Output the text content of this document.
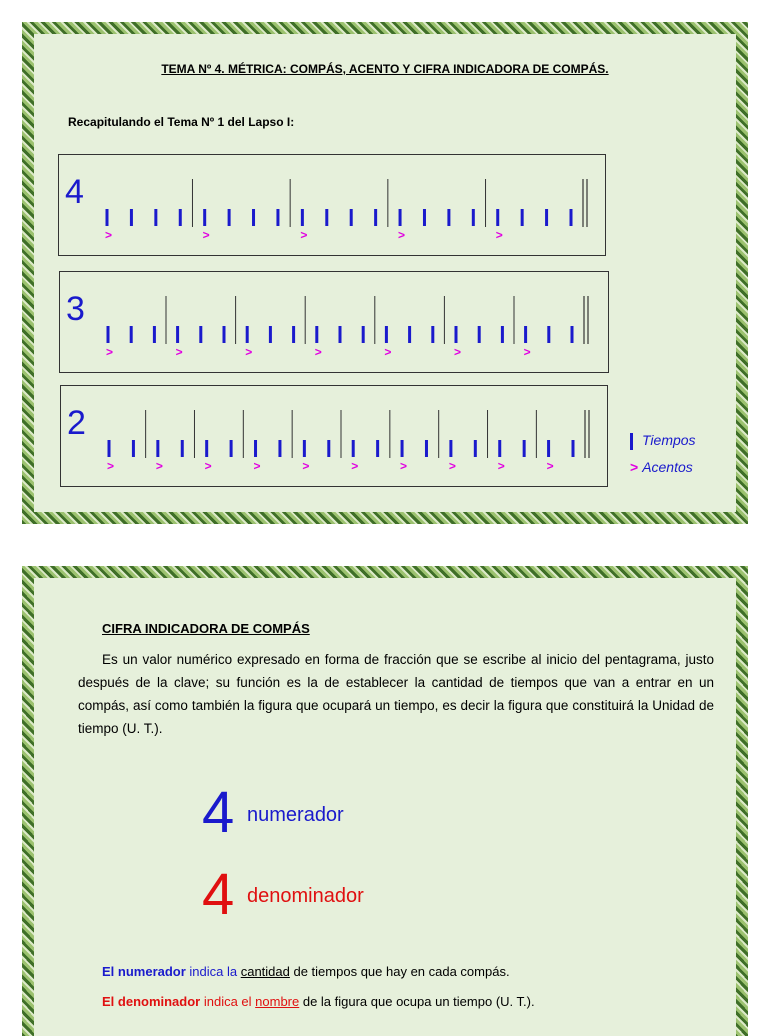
TEMA Nº 4. MÉTRICA: COMPÁS, ACENTO Y CIFRA INDICADORA DE COMPÁS.
Recapitulando el Tema Nº 1 del Lapso I:
4
>	>	>	>	>
3
>	>	>	>	>	>	>
2
>	>	>	>	>	>	>	>	>	>
Tiempos
> Acentos
CIFRA INDICADORA DE COMPÁS

Es un valor numérico expresado en forma de fracción que se escribe al inicio del pentagrama, justo después de la clave; su función es la de establecer la cantidad de tiempos que van a entrar en un compás, así como también la figura que ocupará un tiempo, es decir la figura que constituirá la Unidad de tiempo (U. T.).

4 numerador
4 denominador
El numerador indica la cantidad de tiempos que hay en cada compás.
El denominador indica el nombre de la figura que ocupa un tiempo (U. T.).
